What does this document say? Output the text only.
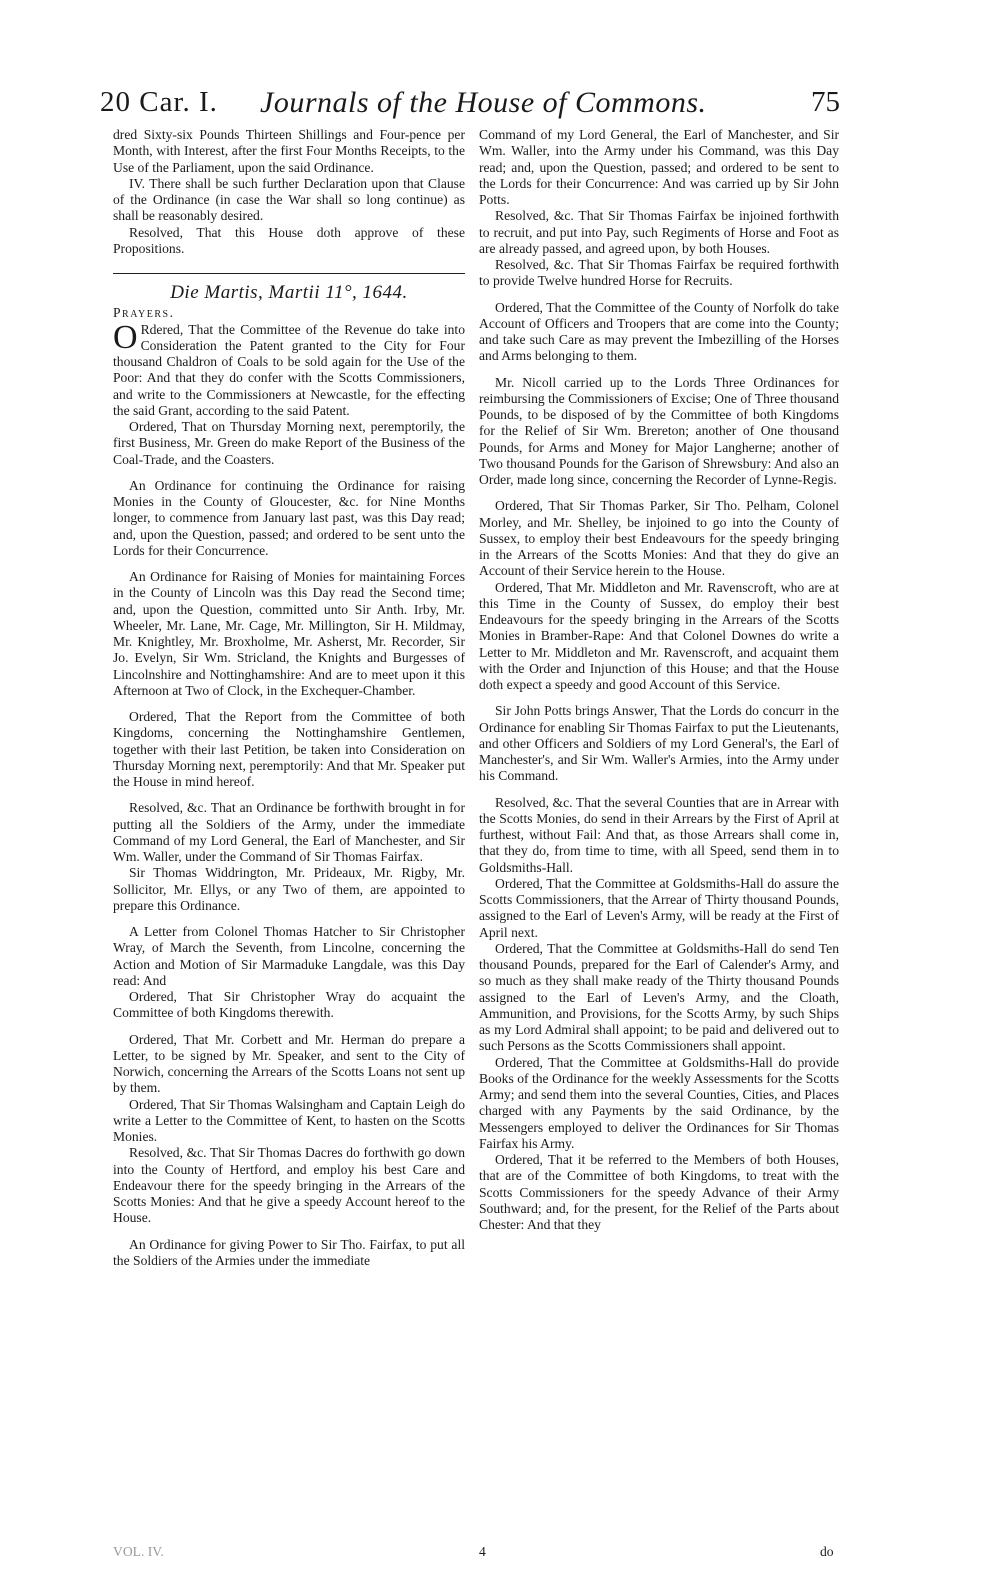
20 Car. I. Journals of the House of Commons.	75

dred Sixty-six Pounds Thirteen Shillings and Four-pence per Month, with Interest, after the first Four Months Receipts, to the Use of the Parliament, upon the said Ordinance.

IV. There shall be such further Declaration upon that Clause of the Ordinance (in case the War shall so long continue) as shall be reasonably desired.

Resolved, That this House doth approve of these Propositions.

Die Martis, Martii 11°, 1644.

Prayers.

O Rdered, That the Committee of the Revenue do take into Consideration the Patent granted to the City for Four thousand Chaldron of Coals to be sold again for the Use of the Poor: And that they do confer with the Scotts Commissioners, and write to the Commissioners at Newcastle, for the effecting the said Grant, according to the said Patent.

Ordered, That on Thursday Morning next, peremptorily, the first Business, Mr. Green do make Report of the Business of the Coal-Trade, and the Coasters.

An Ordinance for continuing the Ordinance for raising Monies in the County of Gloucester, &c. for Nine Months longer, to commence from January last past, was this Day read; and, upon the Question, passed; and ordered to be sent unto the Lords for their Concurrence.

An Ordinance for Raising of Monies for maintaining Forces in the County of Lincoln was this Day read the Second time; and, upon the Question, committed unto Sir Anth. Irby, Mr. Wheeler, Mr. Lane, Mr. Cage, Mr. Millington, Sir H. Mildmay, Mr. Knightley, Mr. Broxholme, Mr. Asherst, Mr. Recorder, Sir Jo. Evelyn, Sir Wm. Stricland, the Knights and Burgesses of Lincolnshire and Nottinghamshire: And are to meet upon it this Afternoon at Two of Clock, in the Exchequer-Chamber.

Ordered, That the Report from the Committee of both Kingdoms, concerning the Nottinghamshire Gentlemen, together with their last Petition, be taken into Consideration on Thursday Morning next, peremptorily: And that Mr. Speaker put the House in mind hereof.

Resolved, &c. That an Ordinance be forthwith brought in for putting all the Soldiers of the Army, under the immediate Command of my Lord General, the Earl of Manchester, and Sir Wm. Waller, under the Command of Sir Thomas Fairfax.

Sir Thomas Widdrington, Mr. Prideaux, Mr. Rigby, Mr. Sollicitor, Mr. Ellys, or any Two of them, are appointed to prepare this Ordinance.

A Letter from Colonel Thomas Hatcher to Sir Christopher Wray, of March the Seventh, from Lincolne, concerning the Action and Motion of Sir Marmaduke Langdale, was this Day read: And

Ordered, That Sir Christopher Wray do acquaint the Committee of both Kingdoms therewith.

Ordered, That Mr. Corbett and Mr. Herman do prepare a Letter, to be signed by Mr. Speaker, and sent to the City of Norwich, concerning the Arrears of the Scotts Loans not sent up by them.

Ordered, That Sir Thomas Walsingham and Captain Leigh do write a Letter to the Committee of Kent, to hasten on the Scotts Monies.

Resolved, &c. That Sir Thomas Dacres do forthwith go down into the County of Hertford, and employ his best Care and Endeavour there for the speedy bringing in the Arrears of the Scotts Monies: And that he give a speedy Account hereof to the House.

An Ordinance for giving Power to Sir Tho. Fairfax, to put all the Soldiers of the Armies under the immediate

Command of my Lord General, the Earl of Manchester, and Sir Wm. Waller, into the Army under his Command, was this Day read; and, upon the Question, passed; and ordered to be sent to the Lords for their Concurrence: And was carried up by Sir John Potts.

Resolved, &c. That Sir Thomas Fairfax be injoined forthwith to recruit, and put into Pay, such Regiments of Horse and Foot as are already passed, and agreed upon, by both Houses.

Resolved, &c. That Sir Thomas Fairfax be required forthwith to provide Twelve hundred Horse for Recruits.

Ordered, That the Committee of the County of Norfolk do take Account of Officers and Troopers that are come into the County; and take such Care as may prevent the Imbezilling of the Horses and Arms belonging to them.

Mr. Nicoll carried up to the Lords Three Ordinances for reimbursing the Commissioners of Excise; One of Three thousand Pounds, to be disposed of by the Committee of both Kingdoms for the Relief of Sir Wm. Brereton; another of One thousand Pounds, for Arms and Money for Major Langherne; another of Two thousand Pounds for the Garison of Shrewsbury: And also an Order, made long since, concerning the Recorder of Lynne-Regis.

Ordered, That Sir Thomas Parker, Sir Tho. Pelham, Colonel Morley, and Mr. Shelley, be injoined to go into the County of Sussex, to employ their best Endeavours for the speedy bringing in the Arrears of the Scotts Monies: And that they do give an Account of their Service herein to the House.

Ordered, That Mr. Middleton and Mr. Ravenscroft, who are at this Time in the County of Sussex, do employ their best Endeavours for the speedy bringing in the Arrears of the Scotts Monies in Bramber-Rape: And that Colonel Downes do write a Letter to Mr. Middleton and Mr. Ravenscroft, and acquaint them with the Order and Injunction of this House; and that the House doth expect a speedy and good Account of this Service.

Sir John Potts brings Answer, That the Lords do concurr in the Ordinance for enabling Sir Thomas Fairfax to put the Lieutenants, and other Officers and Soldiers of my Lord General's, the Earl of Manchester's, and Sir Wm. Waller's Armies, into the Army under his Command.

Resolved, &c. That the several Counties that are in Arrear with the Scotts Monies, do send in their Arrears by the First of April at furthest, without Fail: And that, as those Arrears shall come in, that they do, from time to time, with all Speed, send them in to Goldsmiths-Hall.

Ordered, That the Committee at Goldsmiths-Hall do assure the Scotts Commissioners, that the Arrear of Thirty thousand Pounds, assigned to the Earl of Leven's Army, will be ready at the First of April next.

Ordered, That the Committee at Goldsmiths-Hall do send Ten thousand Pounds, prepared for the Earl of Calender's Army, and so much as they shall make ready of the Thirty thousand Pounds assigned to the Earl of Leven's Army, and the Cloath, Ammunition, and Provisions, for the Scotts Army, by such Ships as my Lord Admiral shall appoint; to be paid and delivered out to such Persons as the Scotts Commissioners shall appoint.

Ordered, That the Committee at Goldsmiths-Hall do provide Books of the Ordinance for the weekly Assessments for the Scotts Army; and send them into the several Counties, Cities, and Places charged with any Payments by the said Ordinance, by the Messengers employed to deliver the Ordinances for Sir Thomas Fairfax his Army.

Ordered, That it be referred to the Members of both Houses, that are of the Committee of both Kingdoms, to treat with the Scotts Commissioners for the speedy Advance of their Army Southward; and, for the present, for the Relief of the Parts about Chester: And that they

VOL. IV.	4	do
